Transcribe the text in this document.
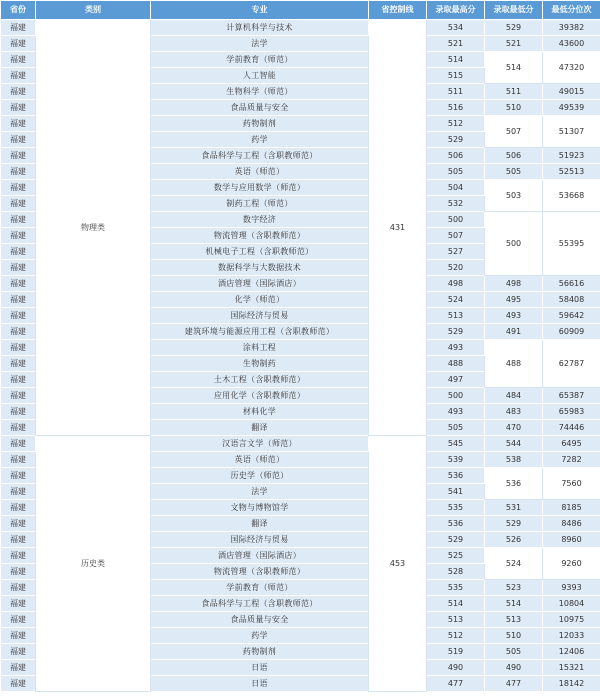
省份	类别	专业	省控制线	录取最高分	录取最低分	最低分位次
福建	物理类	计算机科学与技术	431	534	529	39382
福建		法学		521	521	43600
福建		学前教育（师范）		514	514	47320
福建		人工智能		515		
福建		生物科学（师范）		511	511	49015
福建		食品质量与安全		516	510	49539
福建		药物制剂		512	507	51307
福建		药学		529		
福建		食品科学与工程（含职教师范）		506	506	51923
福建		英语（师范）		505	505	52513
福建		数学与应用数学（师范）		504	503	53668
福建		制药工程（师范）		532		
福建		数字经济		500	500	55395
福建		物流管理（含职教师范）		507		
福建		机械电子工程（含职教师范）		527		
福建		数据科学与大数据技术		520		
福建		酒店管理（国际酒店）		498	498	56616
福建		化学（师范）		524	495	58408
福建		国际经济与贸易		513	493	59642
福建		建筑环境与能源应用工程（含职教师范）		529	491	60909
福建		涂料工程		493	488	62787
福建		生物制药		488		
福建		土木工程（含职教师范）		497		
福建		应用化学（含职教师范）		500	484	65387
福建		材料化学		493	483	65983
福建		翻译		505	470	74446
福建	历史类	汉语言文学（师范）	453	545	544	6495
福建		英语（师范）		539	538	7282
福建		历史学（师范）		536	536	7560
福建		法学		541		
福建		文物与博物馆学		535	531	8185
福建		翻译		536	529	8486
福建		国际经济与贸易		529	526	8960
福建		酒店管理（国际酒店）		525	524	9260
福建		物流管理（含职教师范）		528		
福建		学前教育（师范）		535	523	9393
福建		食品科学与工程（含职教师范）		514	514	10804
福建		食品质量与安全		513	513	10975
福建		药学		512	510	12033
福建		药物制剂		519	505	12406
福建		日语		490	490	15321
福建		日语		477	477	18142
